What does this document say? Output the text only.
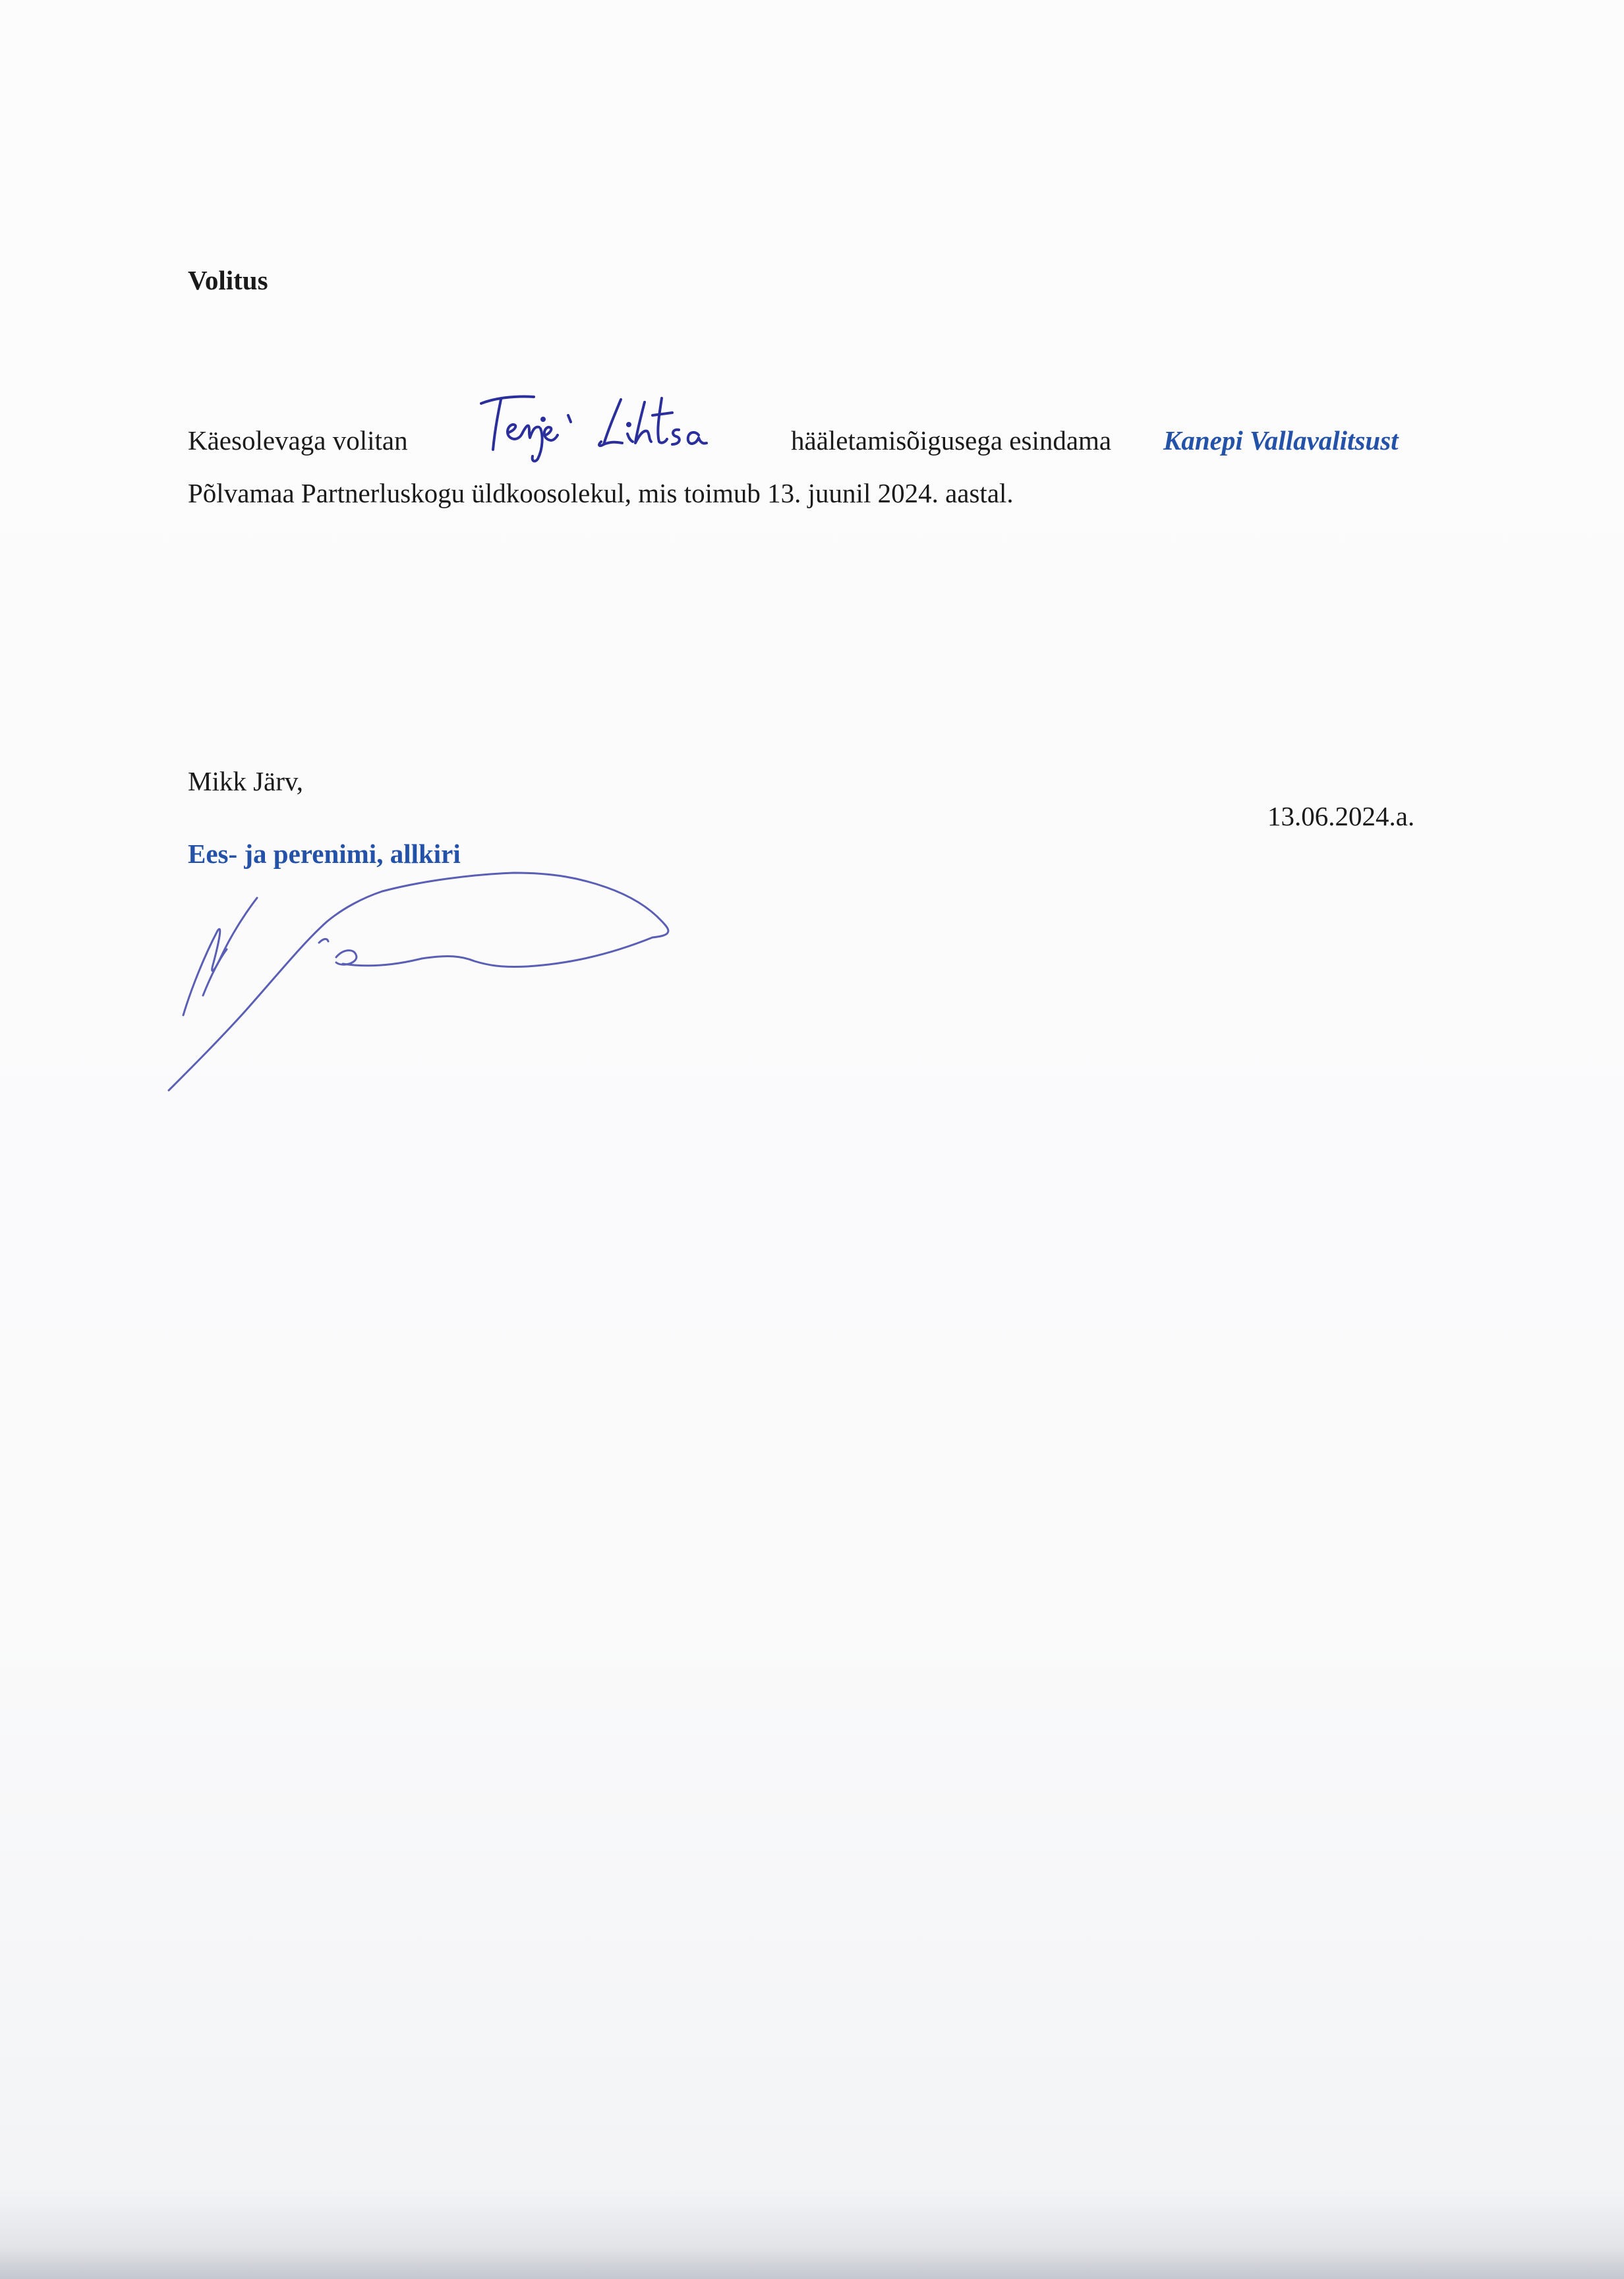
Volitus
Käesolevaga volitan	hääletamisõigusega esindama Kanepi Vallavalitsust
Põlvamaa Partnerluskogu üldkoosolekul, mis toimub 13. juunil 2024. aastal.
Mikk Järv,
13.06.2024.a.
Ees- ja perenimi, allkiri
